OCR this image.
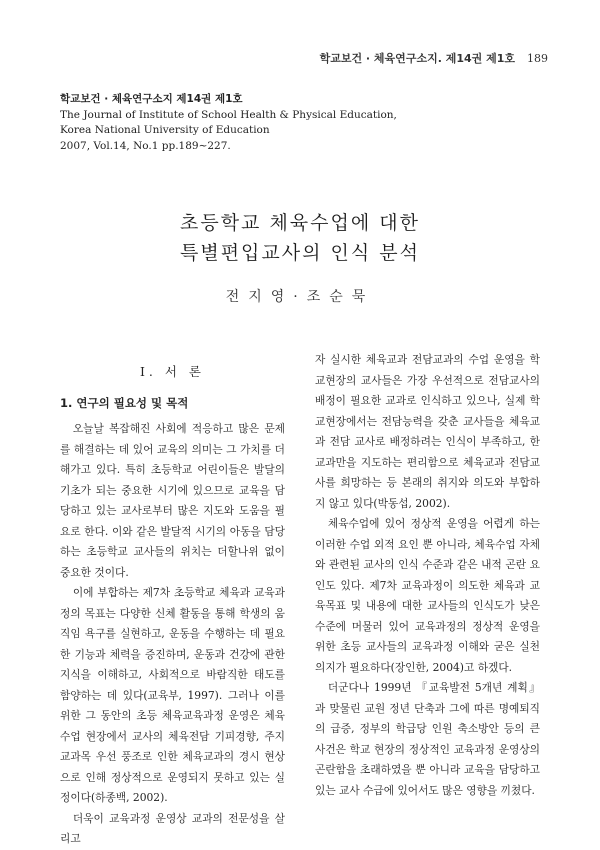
학교보건 · 체육연구소지. 제14권 제1호 189
학교보건 · 체육연구소지 제14권 제1호
The Journal of Institute of School Health & Physical Education,
Korea National University of Education
2007, Vol.14, No.1 pp.189∼227.
초등학교 체육수업에 대한
특별편입교사의 인식 분석
전지영·조순묵
Ⅰ. 서 론
1. 연구의 필요성 및 목적

오늘날 복잡해진 사회에 적응하고 많은 문제를 해결하는 데 있어 교육의 의미는 그 가치를 더해가고 있다. 특히 초등학교 어린이들은 발달의 기초가 되는 중요한 시기에 있으므로 교육을 담당하고 있는 교사로부터 많은 지도와 도움을 필요로 한다. 이와 같은 발달적 시기의 아동을 담당하는 초등학교 교사들의 위치는 더할나위 없이 중요한 것이다.

이에 부합하는 제7차 초등학교 체육과 교육과정의 목표는 다양한 신체 활동을 통해 학생의 움직임 욕구를 실현하고, 운동을 수행하는 데 필요한 기능과 체력을 증진하며, 운동과 건강에 관한 지식을 이해하고, 사회적으로 바람직한 태도를 함양하는 데 있다(교육부, 1997). 그러나 이를 위한 그 동안의 초등 체육교육과정 운영은 체육수업 현장에서 교사의 체육전담 기피경향, 주지교과목 우선 풍조로 인한 체육교과의 경시 현상으로 인해 정상적으로 운영되지 못하고 있는 실정이다(하종백, 2002).

더욱이 교육과정 운영상 교과의 전문성을 살리고

자 실시한 체육교과 전담교과의 수업 운영을 학교현장의 교사들은 가장 우선적으로 전담교사의 배정이 필요한 교과로 인식하고 있으나, 실제 학교현장에서는 전담능력을 갖춘 교사들을 체육교과 전담 교사로 배정하려는 인식이 부족하고, 한 교과만을 지도하는 편리함으로 체육교과 전담교사를 희망하는 등 본래의 취지와 의도와 부합하지 않고 있다(박동섭, 2002).

체육수업에 있어 정상적 운영을 어렵게 하는 이러한 수업 외적 요인 뿐 아니라, 체육수업 자체와 관련된 교사의 인식 수준과 같은 내적 곤란 요인도 있다. 제7차 교육과정이 의도한 체육과 교육목표 및 내용에 대한 교사들의 인식도가 낮은 수준에 머물러 있어 교육과정의 정상적 운영을 위한 초등 교사들의 교육과정 이해와 굳은 실천의지가 필요하다(장인한, 2004)고 하겠다.

더군다나 1999년 『교육발전 5개년 계획』과 맞물린 교원 정년 단축과 그에 따른 명예퇴직의 급증, 정부의 학급당 인원 축소방안 등의 큰 사건은 학교 현장의 정상적인 교육과정 운영상의 곤란함을 초래하였을 뿐 아니라 교육을 담당하고 있는 교사 수급에 있어서도 많은 영향을 끼쳤다.
